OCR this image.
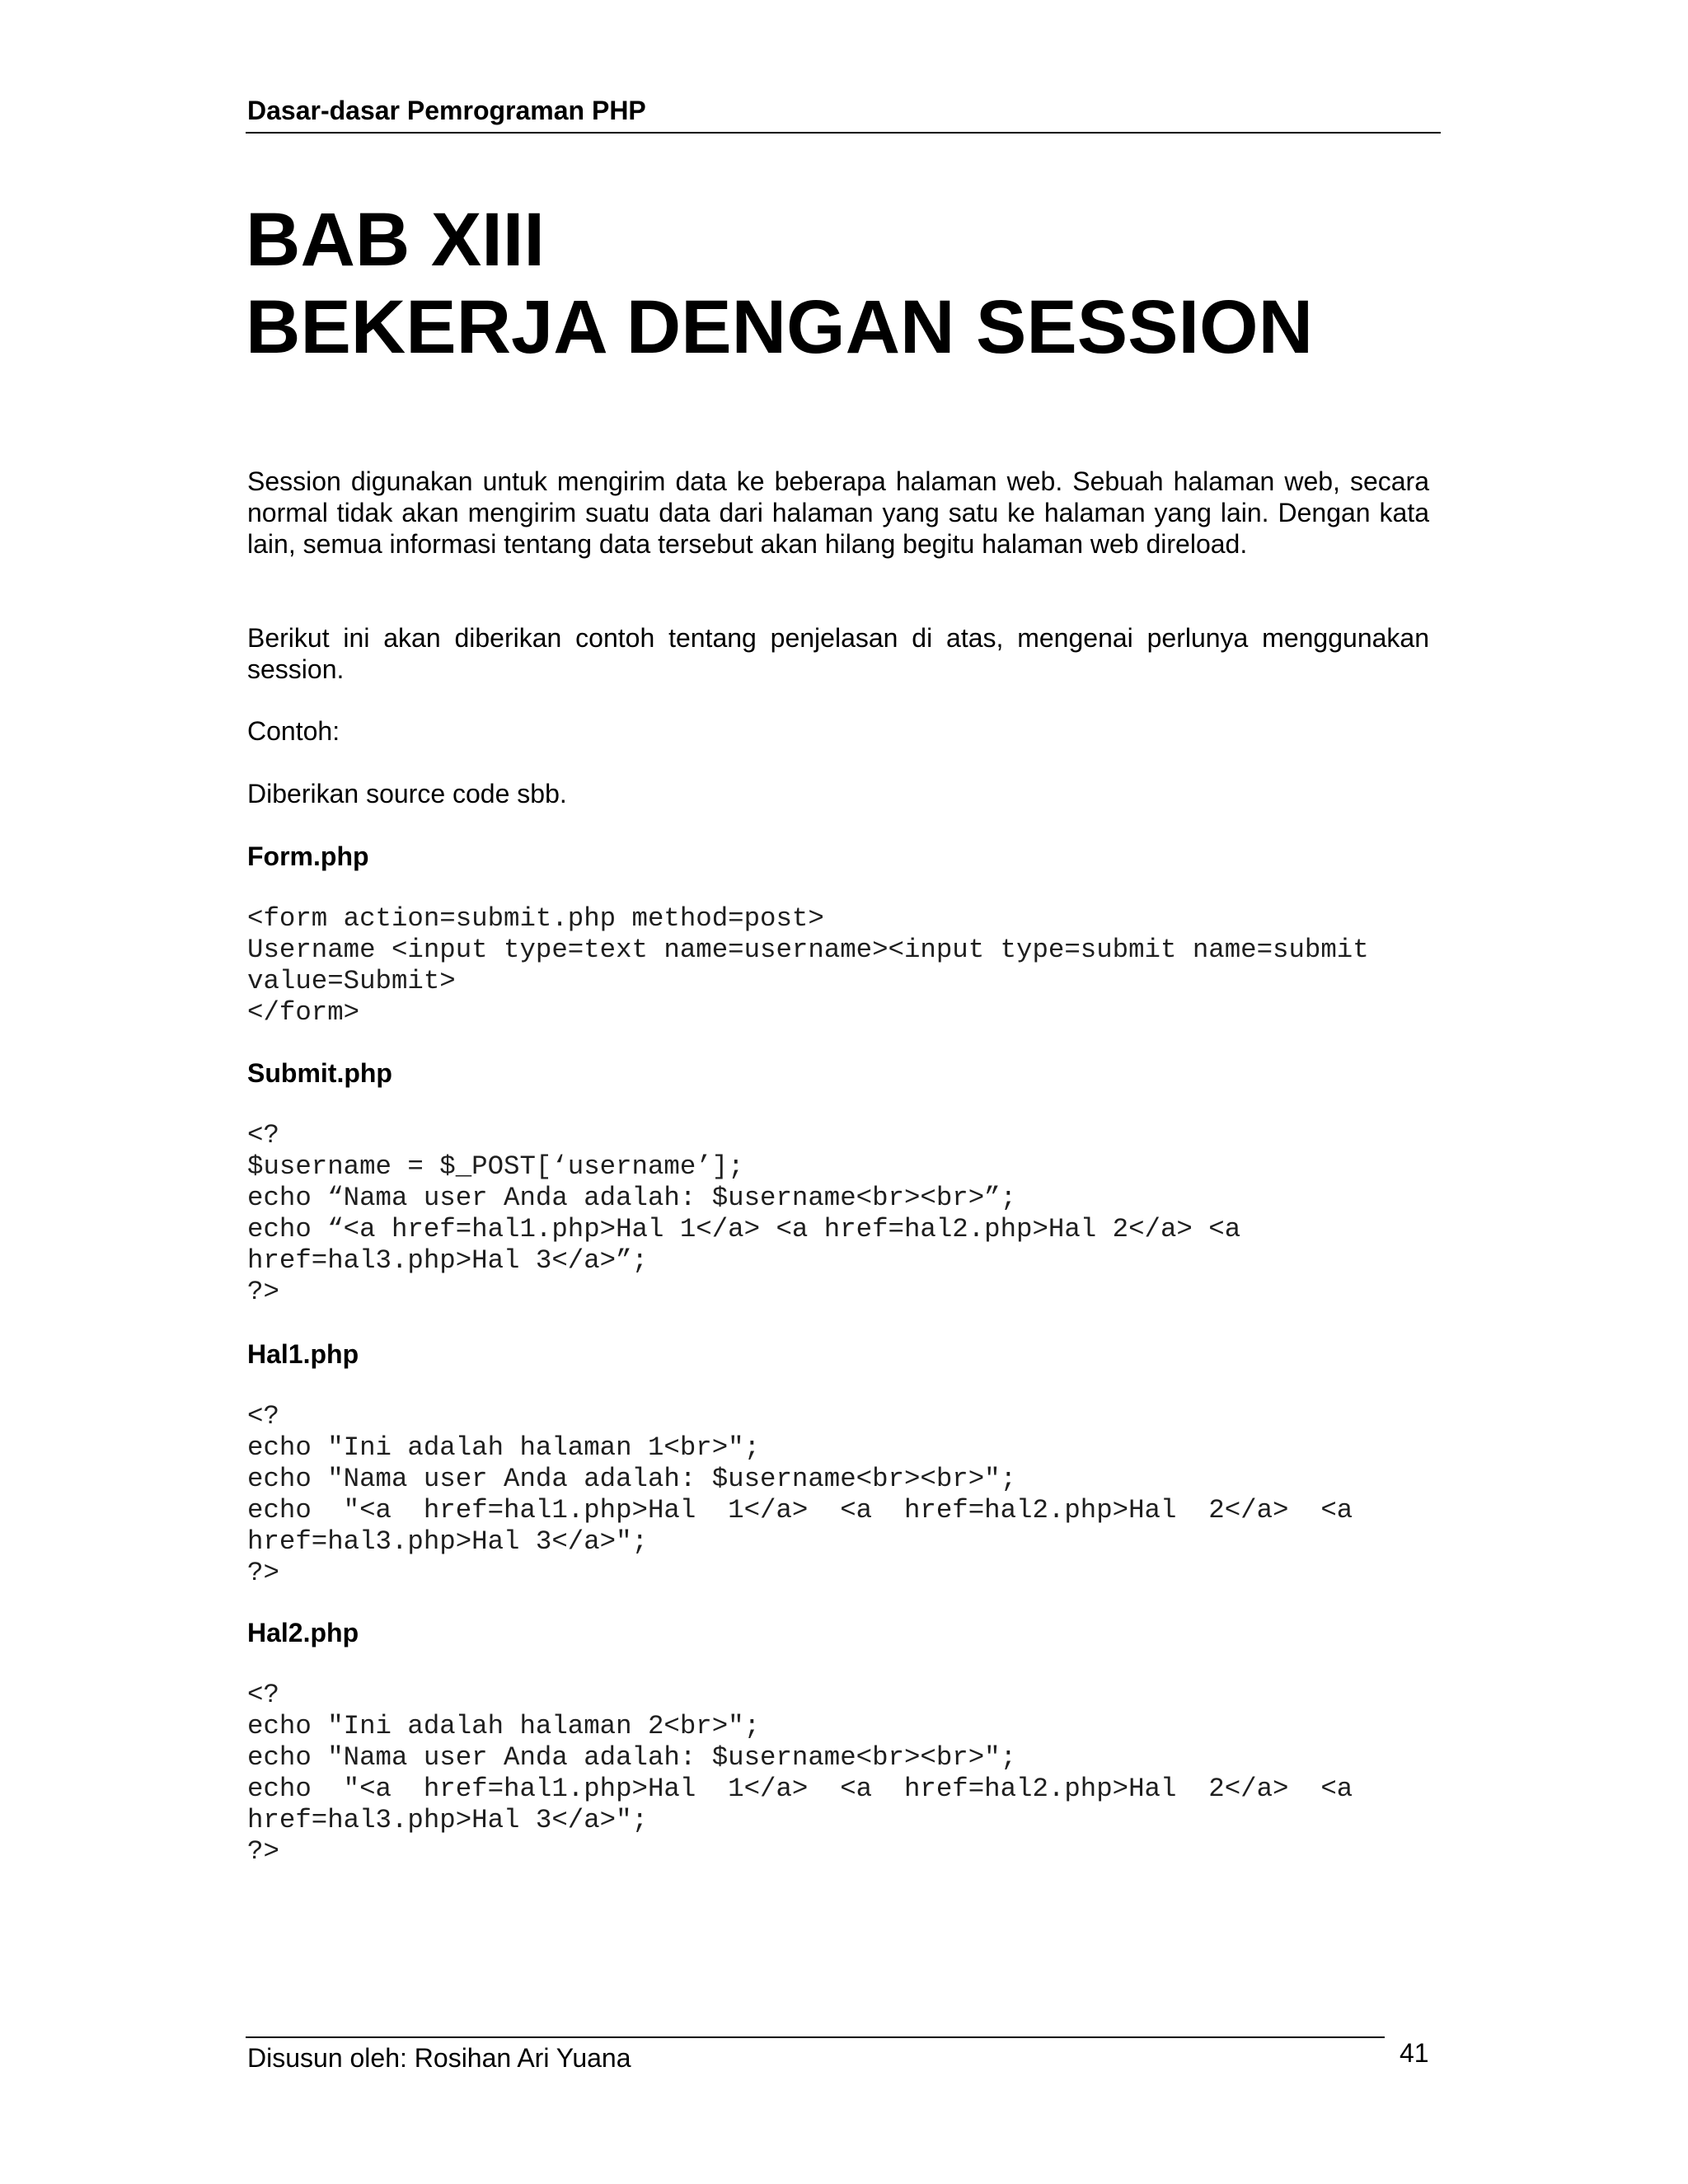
Dasar-dasar Pemrograman PHP
BAB XIII
BEKERJA DENGAN SESSION

Session digunakan untuk mengirim data ke beberapa halaman web. Sebuah halaman web, secara normal tidak akan mengirim suatu data dari halaman yang satu ke halaman yang lain. Dengan kata lain, semua informasi tentang data tersebut akan hilang begitu halaman web direload.

Berikut ini akan diberikan contoh tentang penjelasan di atas, mengenai perlunya menggunakan session.

Contoh:

Diberikan source code sbb.

Form.php
<form action=submit.php method=post>
Username <input type=text name=username><input type=submit name=submit
value=Submit>
</form>
Submit.php
<?
$username = $_POST[‘username’];
echo “Nama user Anda adalah: $username<br><br>”;
echo “<a href=hal1.php>Hal 1</a> <a href=hal2.php>Hal 2</a> <a
href=hal3.php>Hal 3</a>”;
?>
Hal1.php
<?
echo "Ini adalah halaman 1<br>";
echo "Nama user Anda adalah: $username<br><br>";
echo  "<a  href=hal1.php>Hal  1</a>  <a  href=hal2.php>Hal  2</a>  <a
href=hal3.php>Hal 3</a>";
?>
Hal2.php
<?
echo "Ini adalah halaman 2<br>";
echo "Nama user Anda adalah: $username<br><br>";
echo  "<a  href=hal1.php>Hal  1</a>  <a  href=hal2.php>Hal  2</a>  <a
href=hal3.php>Hal 3</a>";
?>
Disusun oleh: Rosihan Ari Yuana	41
